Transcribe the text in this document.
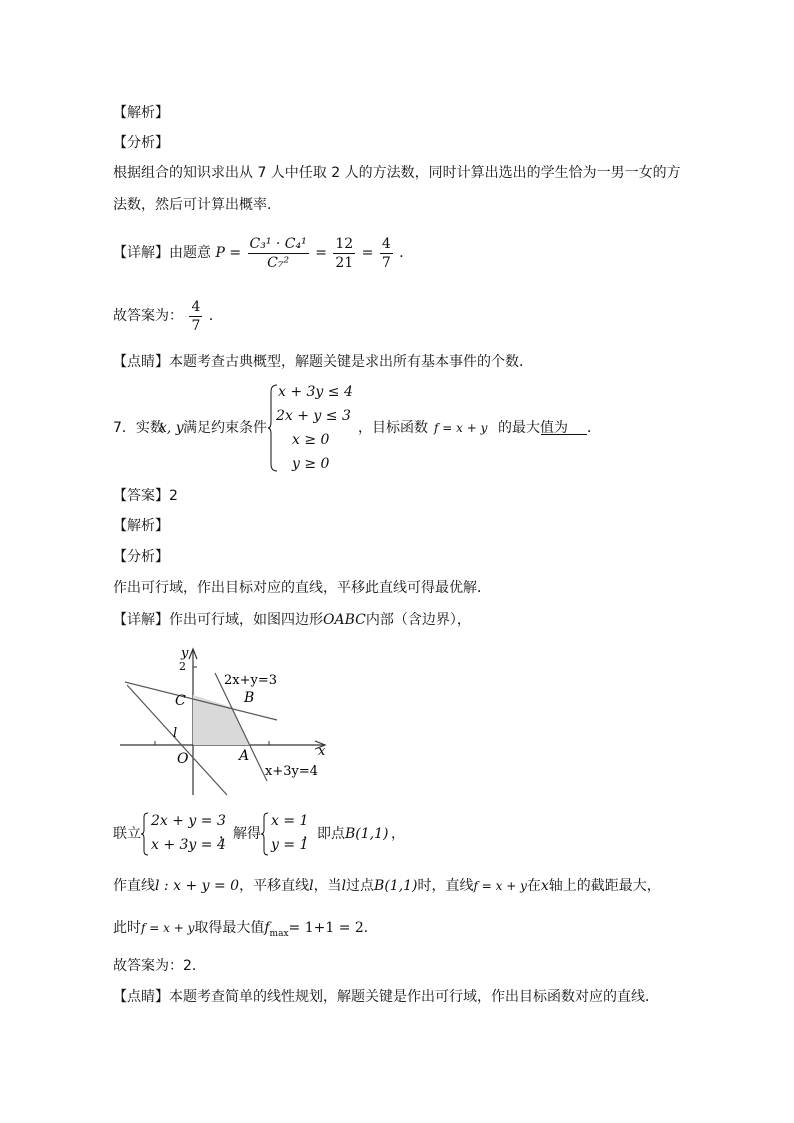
【解析】
【分析】
根据组合的知识求出从 7 人中任取 2 人的方法数，同时计算出选出的学生恰为一男一女的方
法数，然后可计算出概率．
【详解】由题意 $P = \frac{\text{C₃¹ · C₄¹}}{\text{C₇²}} = \frac{12}{21} = \frac{4}{7}$ ．
故答案为： $\frac{4}{7}$ ．
【点睛】本题考查古典概型，解题关键是求出所有基本事件的个数．
7．实数
x, y 满足约束条件
x + 3y ≤ 4
2x + y ≤ 3
x ≥ 0
y ≥ 0
，目标函数 f = x + y 的最大值为 ．
【答案】2
【解析】
【分析】
作出可行域，作出目标对应的直线，平移此直线可得最优解．
【详解】作出可行域，如图四边形OABC内部（含边界），
y
x
2
C	B
O	A
l
2x+y=3
x+3y=4
联立
2x + y = 3
x + 3y = 4
，解得
x = 1
y = 1
，即点 B(1,1) ，
作直线l : x + y = 0，平移直线l，当l过点B(1,1)时，直线f = x + y在x轴上的截距最大，
此时f = x + y取得最大值$f_{max}= 1+1 = 2$．
故答案为：2．
【点睛】本题考查简单的线性规划，解题关键是作出可行域，作出目标函数对应的直线．
